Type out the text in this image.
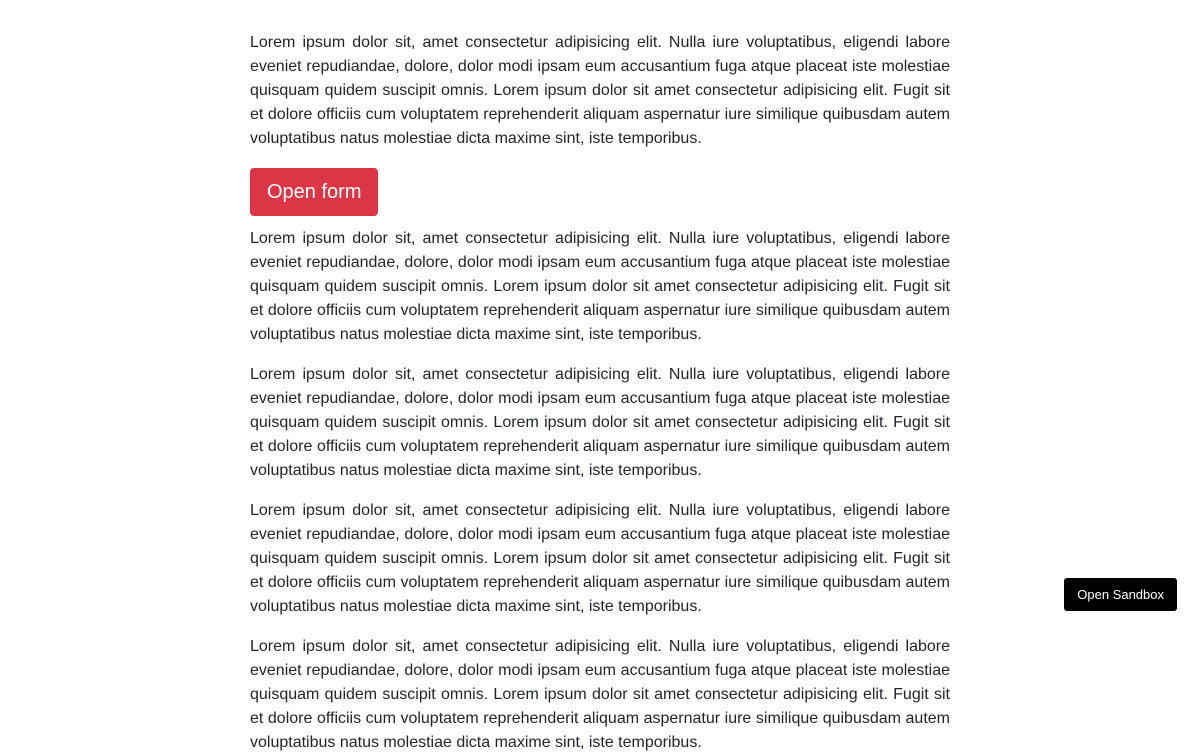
Lorem ipsum dolor sit, amet consectetur adipisicing elit. Nulla iure voluptatibus, eligendi labore eveniet repudiandae, dolore, dolor modi ipsam eum accusantium fuga atque placeat iste molestiae quisquam quidem suscipit omnis. Lorem ipsum dolor sit amet consectetur adipisicing elit. Fugit sit et dolore officiis cum voluptatem reprehenderit aliquam aspernatur iure similique quibusdam autem voluptatibus natus molestiae dicta maxime sint, iste temporibus.

Open form

Lorem ipsum dolor sit, amet consectetur adipisicing elit. Nulla iure voluptatibus, eligendi labore eveniet repudiandae, dolore, dolor modi ipsam eum accusantium fuga atque placeat iste molestiae quisquam quidem suscipit omnis. Lorem ipsum dolor sit amet consectetur adipisicing elit. Fugit sit et dolore officiis cum voluptatem reprehenderit aliquam aspernatur iure similique quibusdam autem voluptatibus natus molestiae dicta maxime sint, iste temporibus.

Lorem ipsum dolor sit, amet consectetur adipisicing elit. Nulla iure voluptatibus, eligendi labore eveniet repudiandae, dolore, dolor modi ipsam eum accusantium fuga atque placeat iste molestiae quisquam quidem suscipit omnis. Lorem ipsum dolor sit amet consectetur adipisicing elit. Fugit sit et dolore officiis cum voluptatem reprehenderit aliquam aspernatur iure similique quibusdam autem voluptatibus natus molestiae dicta maxime sint, iste temporibus.

Lorem ipsum dolor sit, amet consectetur adipisicing elit. Nulla iure voluptatibus, eligendi labore eveniet repudiandae, dolore, dolor modi ipsam eum accusantium fuga atque placeat iste molestiae quisquam quidem suscipit omnis. Lorem ipsum dolor sit amet consectetur adipisicing elit. Fugit sit et dolore officiis cum voluptatem reprehenderit aliquam aspernatur iure similique quibusdam autem voluptatibus natus molestiae dicta maxime sint, iste temporibus.

Lorem ipsum dolor sit, amet consectetur adipisicing elit. Nulla iure voluptatibus, eligendi labore eveniet repudiandae, dolore, dolor modi ipsam eum accusantium fuga atque placeat iste molestiae quisquam quidem suscipit omnis. Lorem ipsum dolor sit amet consectetur adipisicing elit. Fugit sit et dolore officiis cum voluptatem reprehenderit aliquam aspernatur iure similique quibusdam autem voluptatibus natus molestiae dicta maxime sint, iste temporibus.

Open Sandbox
